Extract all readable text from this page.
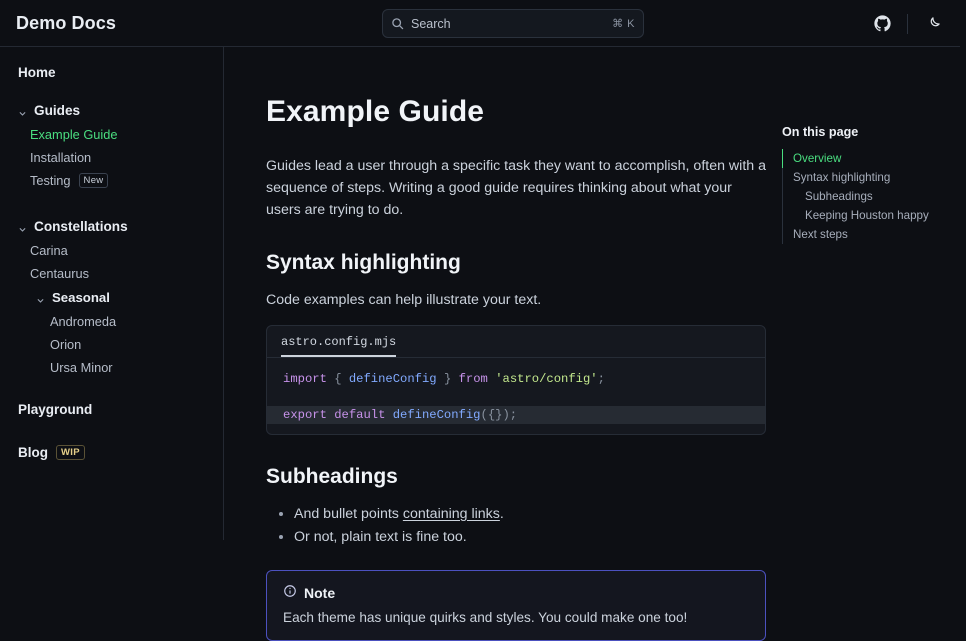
Demo Docs	Search	⌘ K
Home
Guides
Example Guide
Installation
Testing	New
Constellations
Carina
Centaurus
Seasonal
Andromeda
Orion
Ursa Minor
Playground
Blog	WIP
Example Guide

Guides lead a user through a specific task they want to accomplish, often with a sequence of steps. Writing a good guide requires thinking about what your users are trying to do.

Syntax highlighting

Code examples can help illustrate your text.

astro.config.mjs
import { defineConfig } from 'astro/config';

export default defineConfig({});
Subheadings
• And bullet points containing links.
• Or not, plain text is fine too.
Note
Each theme has unique quirks and styles. You could make one too!
On this page
Overview
Syntax highlighting
Subheadings
Keeping Houston happy
Next steps
